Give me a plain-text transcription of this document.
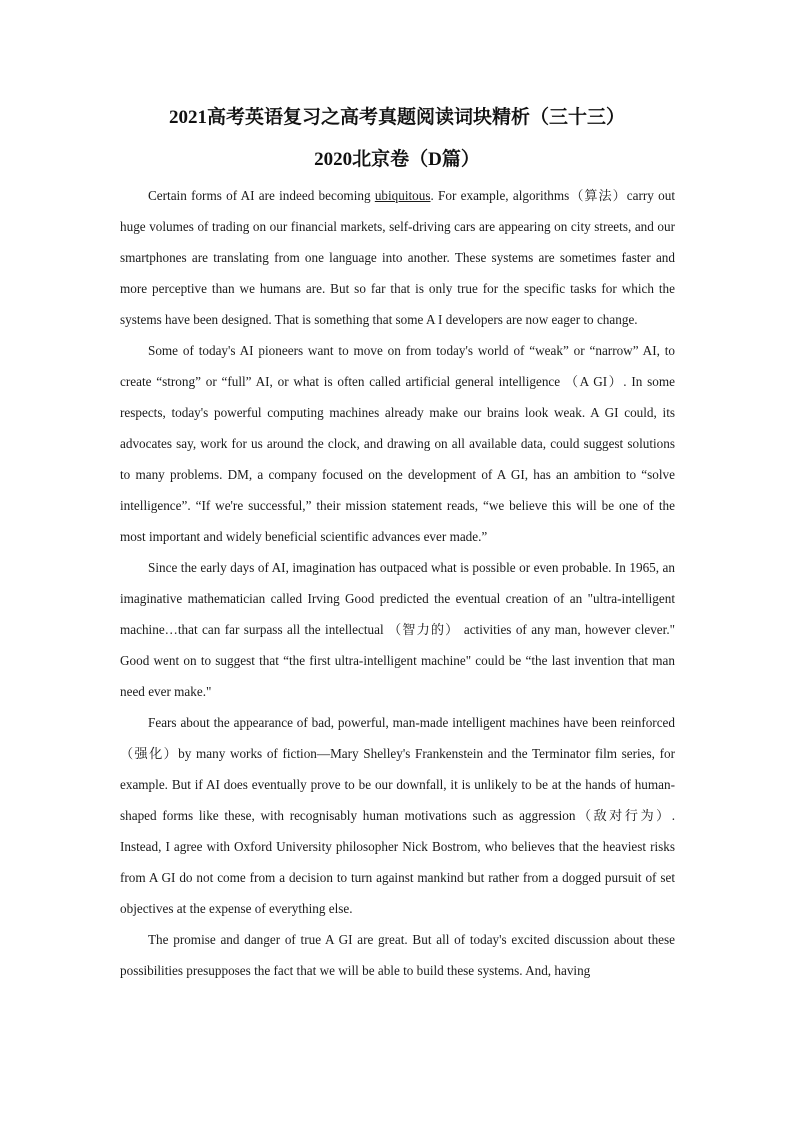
2021高考英语复习之高考真题阅读词块精析（三十三）
2020北京卷（D篇）

Certain forms of AI are indeed becoming ubiquitous. For example, algorithms（算法）carry out huge volumes of trading on our financial markets, self-driving cars are appearing on city streets, and our smartphones are translating from one language into another. These systems are sometimes faster and more perceptive than we humans are. But so far that is only true for the specific tasks for which the systems have been designed. That is something that some A I developers are now eager to change.

Some of today's AI pioneers want to move on from today's world of “weak” or “narrow” AI, to create “strong” or “full” AI, or what is often called artificial general intelligence （A GI）. In some respects, today's powerful computing machines already make our brains look weak. A GI could, its advocates say, work for us around the clock, and drawing on all available data, could suggest solutions to many problems. DM, a company focused on the development of A GI, has an ambition to “solve intelligence”. “If we're successful,” their mission statement reads, “we believe this will be one of the most important and widely beneficial scientific advances ever made.”

Since the early days of AI, imagination has outpaced what is possible or even probable. In 1965, an imaginative mathematician called Irving Good predicted the eventual creation of an "ultra-intelligent machine…that can far surpass all the intellectual （智力的） activities of any man, however clever." Good went on to suggest that “the first ultra-intelligent machine" could be “the last invention that man need ever make."

Fears about the appearance of bad, powerful, man-made intelligent machines have been reinforced（强化）by many works of fiction—Mary Shelley's Frankenstein and the Terminator film series, for example. But if AI does eventually prove to be our downfall, it is unlikely to be at the hands of human-shaped forms like these, with recognisably human motivations such as aggression（敌对行为）. Instead, I agree with Oxford University philosopher Nick Bostrom, who believes that the heaviest risks from A GI do not come from a decision to turn against mankind but rather from a dogged pursuit of set objectives at the expense of everything else.

The promise and danger of true A GI are great. But all of today's excited discussion about these possibilities presupposes the fact that we will be able to build these systems. And, having
